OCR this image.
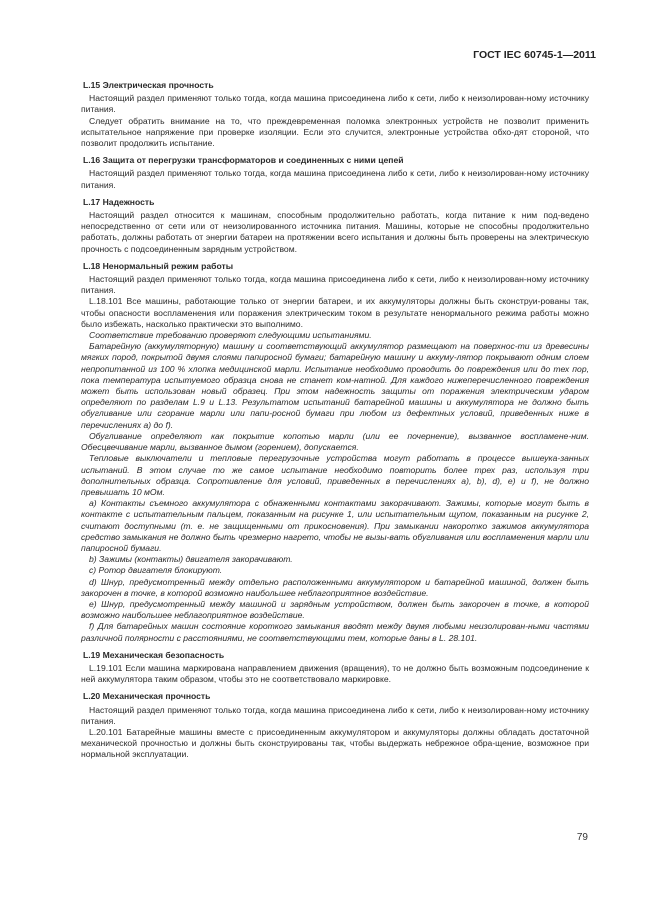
ГОСТ IEC 60745-1—2011

L.15 Электрическая прочность

Настоящий раздел применяют только тогда, когда машина присоединена либо к сети, либо к неизолирован-ному источнику питания.

Следует обратить внимание на то, что преждевременная поломка электронных устройств не позволит применить испытательное напряжение при проверке изоляции. Если это случится, электронные устройства обхо-дят стороной, что позволит продолжить испытание.

L.16 Защита от перегрузки трансформаторов и соединенных с ними цепей

Настоящий раздел применяют только тогда, когда машина присоединена либо к сети, либо к неизолирован-ному источнику питания.

L.17 Надежность

Настоящий раздел относится к машинам, способным продолжительно работать, когда питание к ним под-ведено непосредственно от сети или от неизолированного источника питания. Машины, которые не способны продолжительно работать, должны работать от энергии батареи на протяжении всего испытания и должны быть проверены на электрическую прочность с подсоединенным зарядным устройством.

L.18 Ненормальный режим работы

Настоящий раздел применяют только тогда, когда машина присоединена либо к сети, либо к неизолирован-ному источнику питания.

L.18.101 Все машины, работающие только от энергии батареи, и их аккумуляторы должны быть сконструи-рованы так, чтобы опасности воспламенения или поражения электрическим током в результате ненормального режима работы можно было избежать, насколько практически это выполнимо.

Соответствие требованию проверяют следующими испытаниями.

Батарейную (аккумуляторную) машину и соответствующий аккумулятор размещают на поверхнос-ти из древесины мягких пород, покрытой двумя слоями папиросной бумаги; батарейную машину и аккуму-лятор покрывают одним слоем непропитанной из 100 % хлопка медицинской марли. Испытание необходимо проводить до повреждения или до тех пор, пока температура испытуемого образца снова не станет ком-натной. Для каждого нижеперечисленного повреждения может быть использован новый образец. При этом надежность защиты от поражения электрическим ударом определяют по разделам L.9 и L.13. Результатом испытаний батарейной машины и аккумулятора не должно быть обугливание или сгорание марли или папи-росной бумаги при любом из дефектных условий, приведенных ниже в перечислениях а) до f).

Обугливание определяют как покрытие копотью марли (или ее почернение), вызванное воспламене-ним. Обесцвечивание марли, вызванное дымом (горением), допускается.

Тепловые выключатели и тепловые перегрузочные устройства могут работать в процессе вышеука-занных испытаний. В этом случае то же самое испытание необходимо повторить более трех раз, используя три дополнительных образца. Сопротивление для условий, приведенных в перечислениях а), b), d), е) и f), не должно превышать 10 мОм.

а) Контакты съемного аккумулятора с обнаженными контактами закорачивают. Зажимы, которые могут быть в контакте с испытательным пальцем, показанным на рисунке 1, или испытательным щупом, показанным на рисунке 2, считают доступными (т. е. не защищенными от прикосновения). При замыкании накоротко зажимов аккумулятора средство замыкания не должно быть чрезмерно нагрето, чтобы не вызы-вать обугливания или воспламенения марли или папиросной бумаги.

b) Зажимы (контакты) двигателя закорачивают.

с) Ротор двигателя блокируют.

d) Шнур, предусмотренный между отдельно расположенными аккумулятором и батарейной машиной, должен быть закорочен в точке, в которой возможно наибольшее неблагоприятное воздействие.

е) Шнур, предусмотренный между машиной и зарядным устройством, должен быть закорочен в точке, в которой возможно наибольшее неблагоприятное воздействие.

f) Для батарейных машин состояние короткого замыкания вводят между двумя любыми неизолирован-ными частями различной полярности с расстояниями, не соответствующими тем, которые даны в L. 28.101.

L.19 Механическая безопасность

L.19.101 Если машина маркирована направлением движения (вращения), то не должно быть возможным подсоединение к ней аккумулятора таким образом, чтобы это не соответствовало маркировке.

L.20 Механическая прочность

Настоящий раздел применяют только тогда, когда машина присоединена либо к сети, либо к неизолирован-ному источнику питания.

L.20.101 Батарейные машины вместе с присоединенным аккумулятором и аккумуляторы должны обладать достаточной механической прочностью и должны быть сконструированы так, чтобы выдержать небрежное обра-щение, возможное при нормальной эксплуатации.

79
